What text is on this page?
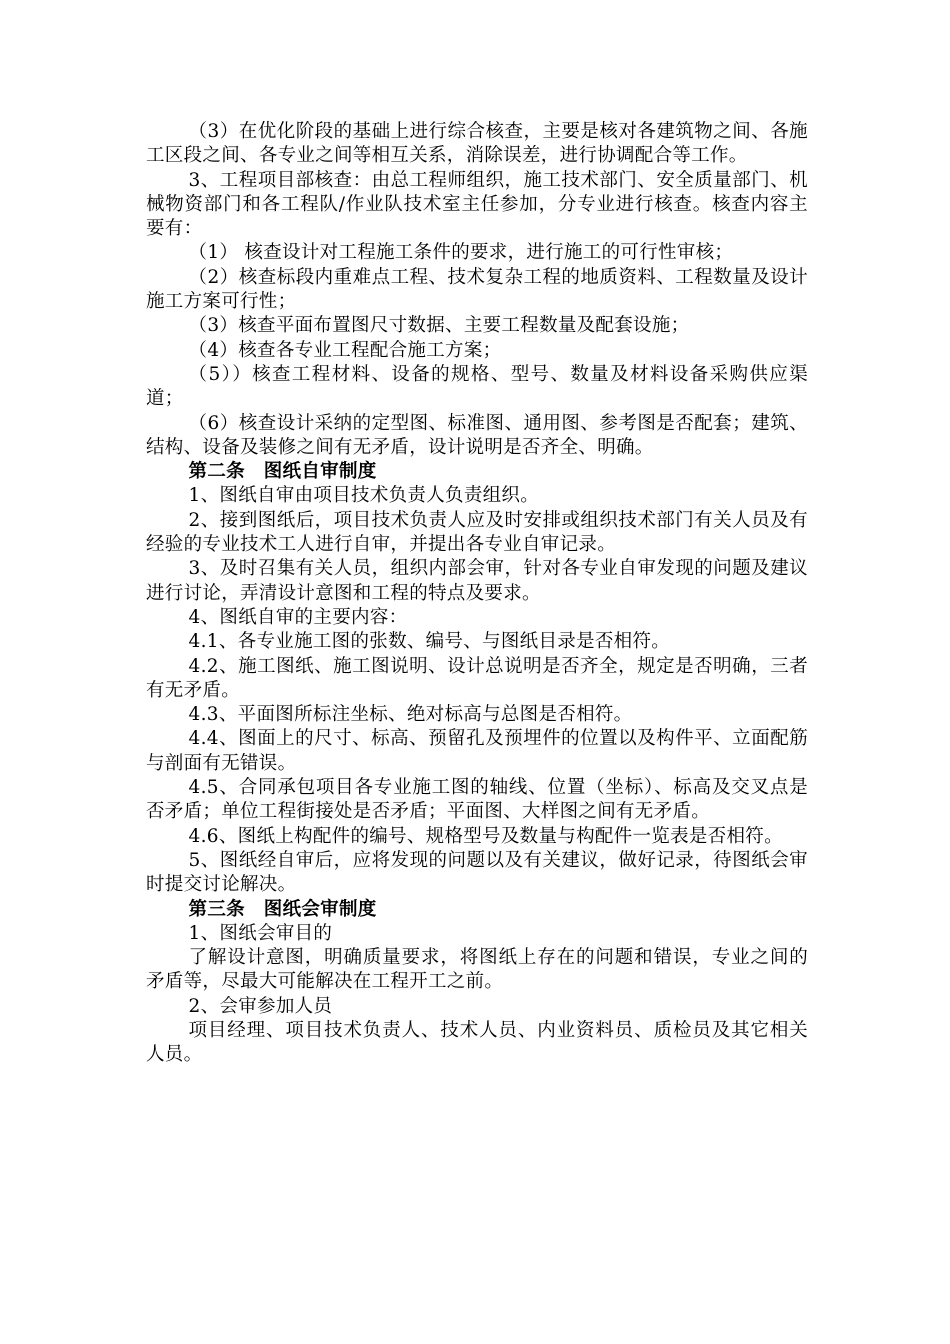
（3）在优化阶段的基础上进行综合核查，主要是核对各建筑物之间、各施工区段之间、各专业之间等相互关系，消除误差，进行协调配合等工作。

3、工程项目部核查：由总工程师组织，施工技术部门、安全质量部门、机械物资部门和各工程队/作业队技术室主任参加，分专业进行核查。核查内容主要有：

（1） 核查设计对工程施工条件的要求，进行施工的可行性审核；

（2）核查标段内重难点工程、技术复杂工程的地质资料、工程数量及设计施工方案可行性；

（3）核查平面布置图尺寸数据、主要工程数量及配套设施；

（4）核查各专业工程配合施工方案；

（5））核查工程材料、设备的规格、型号、数量及材料设备采购供应渠道；

（6）核查设计采纳的定型图、标准图、通用图、参考图是否配套；建筑、结构、设备及装修之间有无矛盾，设计说明是否齐全、明确。

第二条　图纸自审制度

1、图纸自审由项目技术负责人负责组织。

2、接到图纸后，项目技术负责人应及时安排或组织技术部门有关人员及有经验的专业技术工人进行自审，并提出各专业自审记录。

3、及时召集有关人员，组织内部会审，针对各专业自审发现的问题及建议进行讨论，弄清设计意图和工程的特点及要求。

4、图纸自审的主要内容：

4.1、各专业施工图的张数、编号、与图纸目录是否相符。

4.2、施工图纸、施工图说明、设计总说明是否齐全，规定是否明确，三者有无矛盾。

4.3、平面图所标注坐标、绝对标高与总图是否相符。

4.4、图面上的尺寸、标高、预留孔及预埋件的位置以及构件平、立面配筋与剖面有无错误。

4.5、合同承包项目各专业施工图的轴线、位置（坐标）、标高及交叉点是否矛盾；单位工程街接处是否矛盾；平面图、大样图之间有无矛盾。

4.6、图纸上构配件的编号、规格型号及数量与构配件一览表是否相符。

5、图纸经自审后，应将发现的问题以及有关建议，做好记录，待图纸会审时提交讨论解决。

第三条　图纸会审制度

1、图纸会审目的

了解设计意图，明确质量要求，将图纸上存在的问题和错误，专业之间的矛盾等，尽最大可能解决在工程开工之前。

2、会审参加人员

项目经理、项目技术负责人、技术人员、内业资料员、质检员及其它相关人员。
